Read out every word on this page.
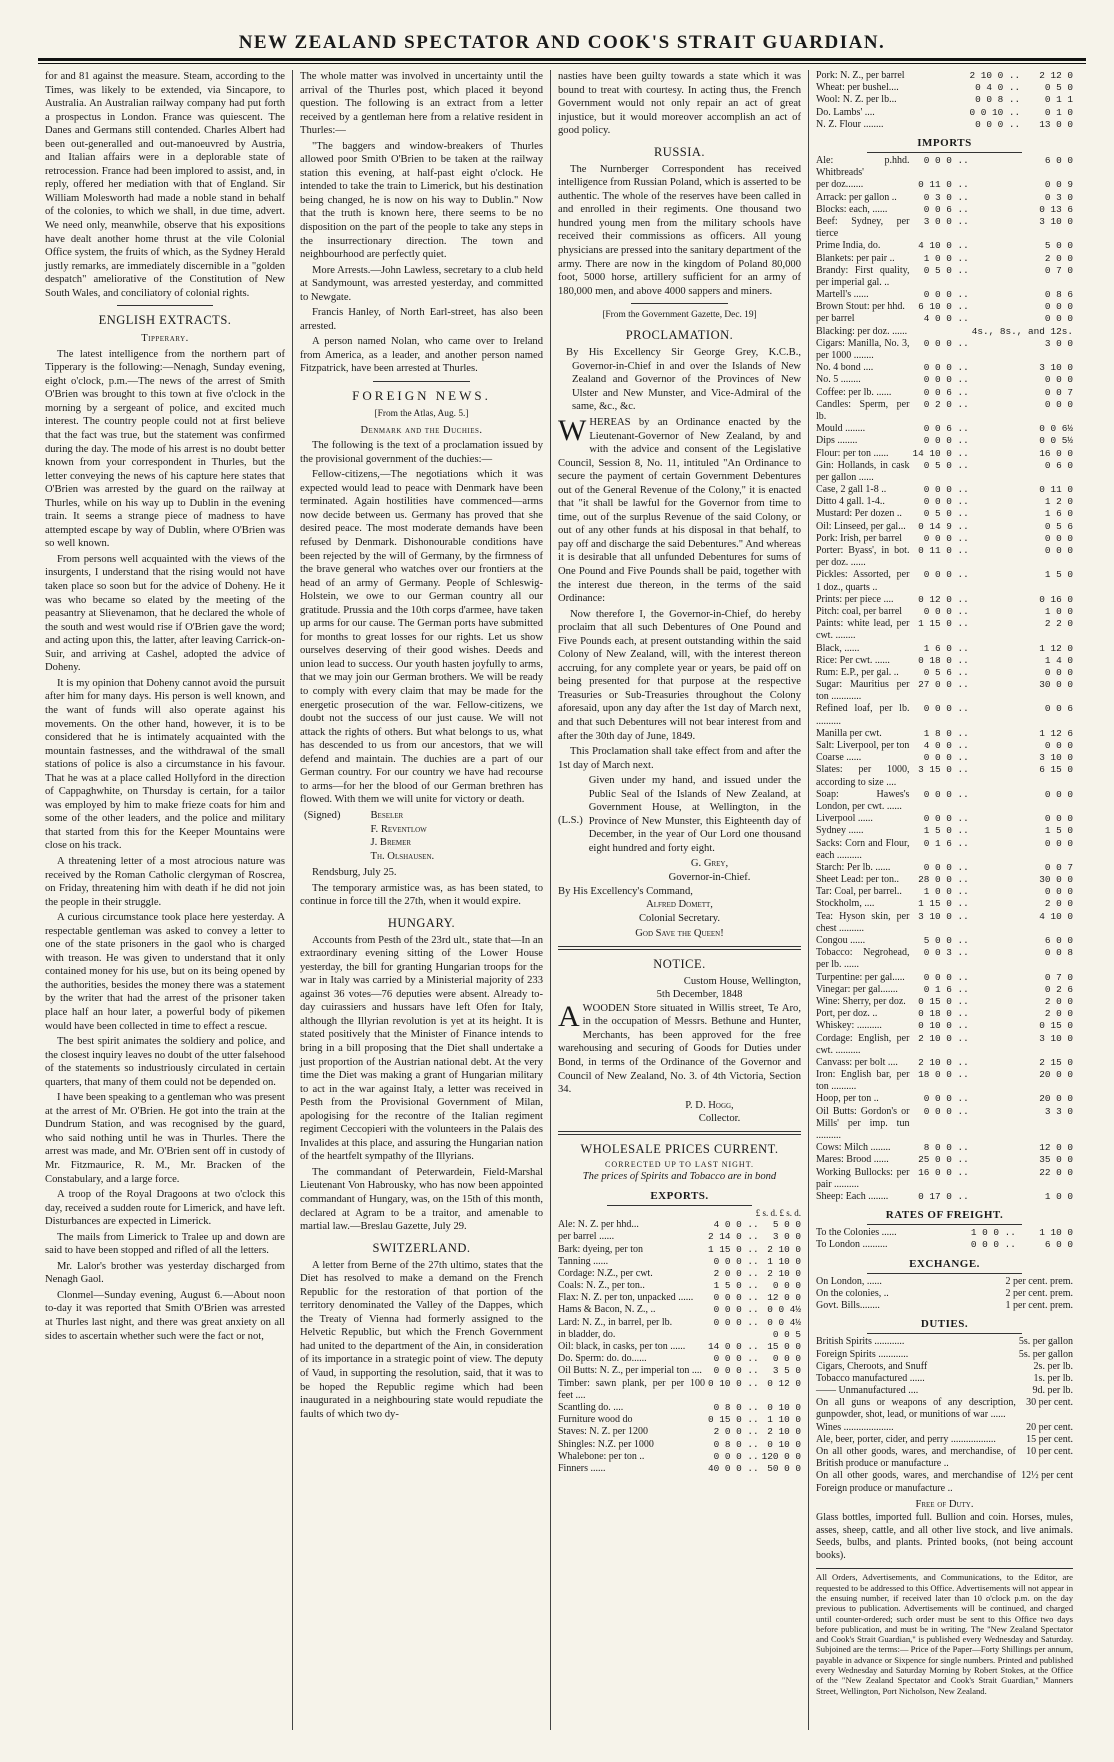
NEW ZEALAND SPECTATOR AND COOK'S STRAIT GUARDIAN.

for and 81 against the measure. Steam, according to the Times, was likely to be extended, via Sincapore, to Australia. An Australian railway company had put forth a prospectus in London. France was quiescent. The Danes and Germans still contended. Charles Albert had been out-generalled and out-manoeuvred by Austria, and Italian affairs were in a deplorable state of retrocession. France had been implored to assist, and, in reply, offered her mediation with that of England. Sir William Molesworth had made a noble stand in behalf of the colonies, to which we shall, in due time, advert. We need only, meanwhile, observe that his expositions have dealt another home thrust at the vile Colonial Office system, the fruits of which, as the Sydney Herald justly remarks, are immediately discernible in a "golden despatch" ameliorative of the Constitution of New South Wales, and conciliatory of colonial rights.

ENGLISH EXTRACTS.
Tipperary.

The latest intelligence from the northern part of Tipperary is the following:—Nenagh, Sunday evening, eight o'clock, p.m.—The news of the arrest of Smith O'Brien was brought to this town at five o'clock in the morning by a sergeant of police, and excited much interest. The country people could not at first believe that the fact was true, but the statement was confirmed during the day. The mode of his arrest is no doubt better known from your correspondent in Thurles, but the letter conveying the news of his capture here states that O'Brien was arrested by the guard on the railway at Thurles, while on his way up to Dublin in the evening train. It seems a strange piece of madness to have attempted escape by way of Dublin, where O'Brien was so well known.

From persons well acquainted with the views of the insurgents, I understand that the rising would not have taken place so soon but for the advice of Doheny. He it was who became so elated by the meeting of the peasantry at Slievenamon, that he declared the whole of the south and west would rise if O'Brien gave the word; and acting upon this, the latter, after leaving Carrick-on-Suir, and arriving at Cashel, adopted the advice of Doheny.

It is my opinion that Doheny cannot avoid the pursuit after him for many days. His person is well known, and the want of funds will also operate against his movements. On the other hand, however, it is to be considered that he is intimately acquainted with the mountain fastnesses, and the withdrawal of the small stations of police is also a circumstance in his favour. That he was at a place called Hollyford in the direction of Cappaghwhite, on Thursday is certain, for a tailor was employed by him to make frieze coats for him and some of the other leaders, and the police and military that started from this for the Keeper Mountains were close on his track.

A threatening letter of a most atrocious nature was received by the Roman Catholic clergyman of Roscrea, on Friday, threatening him with death if he did not join the people in their struggle.

A curious circumstance took place here yesterday. A respectable gentleman was asked to convey a letter to one of the state prisoners in the gaol who is charged with treason. He was given to understand that it only contained money for his use, but on its being opened by the authorities, besides the money there was a statement by the writer that had the arrest of the prisoner taken place half an hour later, a powerful body of pikemen would have been collected in time to effect a rescue.

The best spirit animates the soldiery and police, and the closest inquiry leaves no doubt of the utter falsehood of the statements so industriously circulated in certain quarters, that many of them could not be depended on.

I have been speaking to a gentleman who was present at the arrest of Mr. O'Brien. He got into the train at the Dundrum Station, and was recognised by the guard, who said nothing until he was in Thurles. There the arrest was made, and Mr. O'Brien sent off in custody of Mr. Fitzmaurice, R. M., Mr. Bracken of the Constabulary, and a large force.

A troop of the Royal Dragoons at two o'clock this day, received a sudden route for Limerick, and have left. Disturbances are expected in Limerick.

The mails from Limerick to Tralee up and down are said to have been stopped and rifled of all the letters.

Mr. Lalor's brother was yesterday discharged from Nenagh Gaol.

Clonmel—Sunday evening, August 6.—About noon to-day it was reported that Smith O'Brien was arrested at Thurles last night, and there was great anxiety on all sides to ascertain whether such were the fact or not,

The whole matter was involved in uncertainty until the arrival of the Thurles post, which placed it beyond question. The following is an extract from a letter received by a gentleman here from a relative resident in Thurles:—

"The baggers and window-breakers of Thurles allowed poor Smith O'Brien to be taken at the railway station this evening, at half-past eight o'clock. He intended to take the train to Limerick, but his destination being changed, he is now on his way to Dublin." Now that the truth is known here, there seems to be no disposition on the part of the people to take any steps in the insurrectionary direction. The town and neighbourhood are perfectly quiet.

More Arrests.—John Lawless, secretary to a club held at Sandymount, was arrested yesterday, and committed to Newgate.

Francis Hanley, of North Earl-street, has also been arrested.

A person named Nolan, who came over to Ireland from America, as a leader, and another person named Fitzpatrick, have been arrested at Thurles.

FOREIGN NEWS.

[From the Atlas, Aug. 5.]

Denmark and the Duchies.

The following is the text of a proclamation issued by the provisional government of the duchies:—

Fellow-citizens,—The negotiations which it was expected would lead to peace with Denmark have been terminated. Again hostilities have commenced—arms now decide between us. Germany has proved that she desired peace. The most moderate demands have been refused by Denmark. Dishonourable conditions have been rejected by the will of Germany, by the firmness of the brave general who watches over our frontiers at the head of an army of Germany. People of Schleswig-Holstein, we owe to our German country all our gratitude. Prussia and the 10th corps d'armee, have taken up arms for our cause. The German ports have submitted for months to great losses for our rights. Let us show ourselves deserving of their good wishes. Deeds and union lead to success. Our youth hasten joyfully to arms, that we may join our German brothers. We will be ready to comply with every claim that may be made for the energetic prosecution of the war. Fellow-citizens, we doubt not the success of our just cause. We will not attack the rights of others. But what belongs to us, what has descended to us from our ancestors, that we will defend and maintain. The duchies are a part of our German country. For our country we have had recourse to arms—for her the blood of our German brethren has flowed. With them we will unite for victory or death.

(Signed)	Beseler
F. Reventlow
J. Bremer
Th. Olshausen.

Rendsburg, July 25.

The temporary armistice was, as has been stated, to continue in force till the 27th, when it would expire.

HUNGARY.

Accounts from Pesth of the 23rd ult., state that—In an extraordinary evening sitting of the Lower House yesterday, the bill for granting Hungarian troops for the war in Italy was carried by a Ministerial majority of 233 against 36 votes—76 deputies were absent. Already to-day cuirassiers and hussars have left Ofen for Italy, although the Illyrian revolution is yet at its height. It is stated positively that the Minister of Finance intends to bring in a bill proposing that the Diet shall undertake a just proportion of the Austrian national debt. At the very time the Diet was making a grant of Hungarian military to act in the war against Italy, a letter was received in Pesth from the Provisional Government of Milan, apologising for the recontre of the Italian regiment regiment Ceccopieri with the volunteers in the Palais des Invalides at this place, and assuring the Hungarian nation of the heartfelt sympathy of the Illyrians.

The commandant of Peterwardein, Field-Marshal Lieutenant Von Habrousky, who has now been appointed commandant of Hungary, was, on the 15th of this month, declared at Agram to be a traitor, and amenable to martial law.—Breslau Gazette, July 29.

SWITZERLAND.

A letter from Berne of the 27th ultimo, states that the Diet has resolved to make a demand on the French Republic for the restoration of that portion of the territory denominated the Valley of the Dappes, which the Treaty of Vienna had formerly assigned to the Helvetic Republic, but which the French Government had united to the department of the Ain, in consideration of its importance in a strategic point of view. The deputy of Vaud, in supporting the resolution, said, that it was to be hoped the Republic regime which had been inaugurated in a neighbouring state would repudiate the faults of which two dy-

nasties have been guilty towards a state which it was bound to treat with courtesy. In acting thus, the French Government would not only repair an act of great injustice, but it would moreover accomplish an act of good policy.

RUSSIA.

The Nurnberger Correspondent has received intelligence from Russian Poland, which is asserted to be authentic. The whole of the reserves have been called in and enrolled in their regiments. One thousand two hundred young men from the military schools have received their commissions as officers. All young physicians are pressed into the sanitary department of the army. There are now in the kingdom of Poland 80,000 foot, 5000 horse, artillery sufficient for an army of 180,000 men, and above 4000 sappers and miners.

[From the Government Gazette, Dec. 19]

PROCLAMATION.

By His Excellency Sir George Grey, K.C.B., Governor-in-Chief in and over the Islands of New Zealand and Governor of the Provinces of New Ulster and New Munster, and Vice-Admiral of the same, &c., &c.

WHEREAS by an Ordinance enacted by the Lieutenant-Governor of New Zealand, by and with the advice and consent of the Legislative Council, Session 8, No. 11, intituled "An Ordinance to secure the payment of certain Government Debentures out of the General Revenue of the Colony," it is enacted that "it shall be lawful for the Governor from time to time, out of the surplus Revenue of the said Colony, or out of any other funds at his disposal in that behalf, to pay off and discharge the said Debentures." And whereas it is desirable that all unfunded Debentures for sums of One Pound and Five Pounds shall be paid, together with the interest due thereon, in the terms of the said Ordinance:

Now therefore I, the Governor-in-Chief, do hereby proclaim that all such Debentures of One Pound and Five Pounds each, at present outstanding within the said Colony of New Zealand, will, with the interest thereon accruing, for any complete year or years, be paid off on being presented for that purpose at the respective Treasuries or Sub-Treasuries throughout the Colony aforesaid, upon any day after the 1st day of March next, and that such Debentures will not bear interest from and after the 30th day of June, 1849.

This Proclamation shall take effect from and after the 1st day of March next.

(L.S.)
Given under my hand, and issued under the Public Seal of the Islands of New Zealand, at Government House, at Wellington, in the Province of New Munster, this Eighteenth day of December, in the year of Our Lord one thousand eight hundred and forty eight.
G. Grey,
Governor-in-Chief.
By His Excellency's Command,
Alfred Domett,
Colonial Secretary.
God Save the Queen!
NOTICE.
Custom House, Wellington,
5th December, 1848

AWOODEN Store situated in Willis street, Te Aro, in the occupation of Messrs. Bethune and Hunter, Merchants, has been approved for the free warehousing and securing of Goods for Duties under Bond, in terms of the Ordinance of the Governor and Council of New Zealand, No. 3. of 4th Victoria, Section 34.

P. D. Hogg,
Collector.
WHOLESALE PRICES CURRENT.
CORRECTED UP TO LAST NIGHT.
The prices of Spirits and Tobacco are in bond
EXPORTS.
£ s. d. £ s. d.
Ale: N. Z. per hhd...	4 0 0 ..	5 0 0
per barrel ......	2 14 0 ..	3 0 0
Bark: dyeing, per ton	1 15 0 ..	2 10 0
Tanning ......	0 0 0 ..	1 10 0
Cordage: N.Z., per cwt.	2 0 0 ..	2 10 0
Coals: N. Z., per ton..	1 5 0 ..	0 0 0
Flax: N. Z. per ton, unpacked ......	0 0 0 ..	12 0 0
Hams & Bacon, N. Z., ..	0 0 0 ..	0 0 4½
Lard: N. Z., in barrel, per lb.	0 0 0 ..	0 0 4½
in bladder, do.		0 0 5
Oil: black, in casks, per ton ......	14 0 0 ..	15 0 0
Do. Sperm: do. do......	0 0 0 ..	0 0 0
Oil Butts: N. Z., per imperial ton ....	0 0 0 ..	3 5 0
Timber: sawn plank, per per 100 feet ....	0 10 0 ..	0 12 0
Scantling do. ....	0 8 0 ..	0 10 0
Furniture wood do	0 15 0 ..	1 10 0
Staves: N. Z. per 1200	2 0 0 ..	2 10 0
Shingles: N.Z. per 1000	0 8 0 ..	0 10 0
Whalebone: per ton ..	0 0 0 ..	120 0 0
Finners ......	40 0 0 ..	50 0 0
Pork: N. Z., per barrel	2 10 0 ..	2 12 0
Wheat: per bushel....	0 4 0 ..	0 5 0
Wool: N. Z. per lb...	0 0 8 ..	0 1 1
Do. Lambs' ....	0 0 10 ..	0 1 0
N. Z. Flour ........	0 0 0 ..	13 0 0
IMPORTS
Ale: p.hhd. Whitbreads'	0 0 0 ..	6 0 0
per doz.......	0 11 0 ..	0 0 9
Arrack: per gallon ..	0 3 0 ..	0 3 0
Blocks: each, ......	0 0 6 ..	0 13 6
Beef: Sydney, per tierce	3 0 0 ..	3 10 0
Prime India, do.	4 10 0 ..	5 0 0
Blankets: per pair ..	1 0 0 ..	2 0 0
Brandy: First quality, per imperial gal. ..	0 5 0 ..	0 7 0
Martell's ......	0 0 0 ..	0 8 6
Brown Stout: per hhd.	6 10 0 ..	0 0 0
per barrel	4 0 0 ..	0 0 0
Blacking: per doz. ......		4s., 8s., and 12s.
Cigars: Manilla, No. 3, per 1000 ........	0 0 0 ..	3 0 0
No. 4 bond ....	0 0 0 ..	3 10 0
No. 5 ........	0 0 0 ..	0 0 0
Coffee: per lb. ......	0 0 6 ..	0 0 7
Candles: Sperm, per lb.	0 2 0 ..	0 0 0
Mould ........	0 0 6 ..	0 0 6½
Dips ........	0 0 0 ..	0 0 5½
Flour: per ton ......	14 10 0 ..	16 0 0
Gin: Hollands, in cask per gallon ......	0 5 0 ..	0 6 0
Case, 2 gall 1-8 ..	0 0 0 ..	0 11 0
Ditto 4 gall. 1-4..	0 0 0 ..	1 2 0
Mustard: Per dozen ..	0 5 0 ..	1 6 0
Oil: Linseed, per gal...	0 14 9 ..	0 5 6
Pork: Irish, per barrel	0 0 0 ..	0 0 0
Porter: Byass', in bot. per doz. ......	0 11 0 ..	0 0 0
Pickles: Assorted, per 1 doz., quarts ..	0 0 0 ..	1 5 0
Prints: per piece ....	0 12 0 ..	0 16 0
Pitch: coal, per barrel	0 0 0 ..	1 0 0
Paints: white lead, per cwt. ........	1 15 0 ..	2 2 0
Black, ......	1 6 0 ..	1 12 0
Rice: Per cwt. ......	0 18 0 ..	1 4 0
Rum: E.P., per gal. ..	0 5 6 ..	0 0 0
Sugar: Mauritius per ton ............	27 0 0 ..	30 0 0
Refined loaf, per lb. ..........	0 0 0 ..	0 0 6
Manilla per cwt.	1 8 0 ..	1 12 6
Salt: Liverpool, per ton	4 0 0 ..	0 0 0
Coarse ......	0 0 0 ..	3 10 0
Slates: per 1000, according to size ....	3 15 0 ..	6 15 0
Soap: Hawes's London, per cwt. ......	0 0 0 ..	0 0 0
Liverpool ......	0 0 0 ..	0 0 0
Sydney ......	1 5 0 ..	1 5 0
Sacks: Corn and Flour, each ..........	0 1 6 ..	0 0 0
Starch: Per lb. ......	0 0 0 ..	0 0 7
Sheet Lead: per ton..	28 0 0 ..	30 0 0
Tar: Coal, per barrel..	1 0 0 ..	0 0 0
Stockholm, ....	1 15 0 ..	2 0 0
Tea: Hyson skin, per chest ..........	3 10 0 ..	4 10 0
Congou ......	5 0 0 ..	6 0 0
Tobacco: Negrohead, per lb. ......	0 0 3 ..	0 0 8
Turpentine: per gal.....	0 0 0 ..	0 7 0
Vinegar: per gal.......	0 1 6 ..	0 2 6
Wine: Sherry, per doz.	0 15 0 ..	2 0 0
Port, per doz. ..	0 18 0 ..	2 0 0
Whiskey: ..........	0 10 0 ..	0 15 0
Cordage: English, per cwt. ..........	2 10 0 ..	3 10 0
Canvass: per bolt ....	2 10 0 ..	2 15 0
Iron: English bar, per ton ..........	18 0 0 ..	20 0 0
Hoop, per ton ..	0 0 0 ..	20 0 0
Oil Butts: Gordon's or Mills' per imp. tun ..........	0 0 0 ..	3 3 0
Cows: Milch ........	8 0 0 ..	12 0 0
Mares: Brood ......	25 0 0 ..	35 0 0
Working Bullocks: per pair ..........	16 0 0 ..	22 0 0
Sheep: Each ........	0 17 0 ..	1 0 0
RATES OF FREIGHT.
To the Colonies ......	1 0 0 ..	1 10 0
To London ..........	0 0 0 ..	6 0 0
EXCHANGE.
On London, ......	2 per cent. prem.
On the colonies, ..	2 per cent. prem.
Govt. Bills........	1 per cent. prem.
DUTIES.
British Spirits ............	5s. per gallon
Foreign Spirits ............	5s. per gallon
Cigars, Cheroots, and Snuff	2s. per lb.
Tobacco manufactured ......	1s. per lb.
—— Unmanufactured ....	9d. per lb.
On all guns or weapons of any description, gunpowder, shot, lead, or munitions of war ......	30 per cent.
Wines ....................	20 per cent.
Ale, beer, porter, cider, and perry ..................	15 per cent.
On all other goods, wares, and merchandise, of British produce or manufacture ..	10 per cent.
On all other goods, wares, and merchandise of Foreign produce or manufacture ..	12½ per cent
Free of Duty.
Glass bottles, imported full. Bullion and coin. Horses, mules, asses, sheep, cattle, and all other live stock, and live animals. Seeds, bulbs, and plants. Printed books, (not being account books).
All Orders, Advertisements, and Communications, to the Editor, are requested to be addressed to this Office. Advertisements will not appear in the ensuing number, if received later than 10 o'clock p.m. on the day previous to publication. Advertisements will be continued, and charged until counter-ordered; such order must be sent to this Office two days before publication, and must be in writing. The "New Zealand Spectator and Cook's Strait Guardian," is published every Wednesday and Saturday. Subjoined are the terms:— Price of the Paper—Forty Shillings per annum, payable in advance or Sixpence for single numbers. Printed and published every Wednesday and Saturday Morning by Robert Stokes, at the Office of the "New Zealand Spectator and Cook's Strait Guardian," Manners Street, Wellington, Port Nicholson, New Zealand.
